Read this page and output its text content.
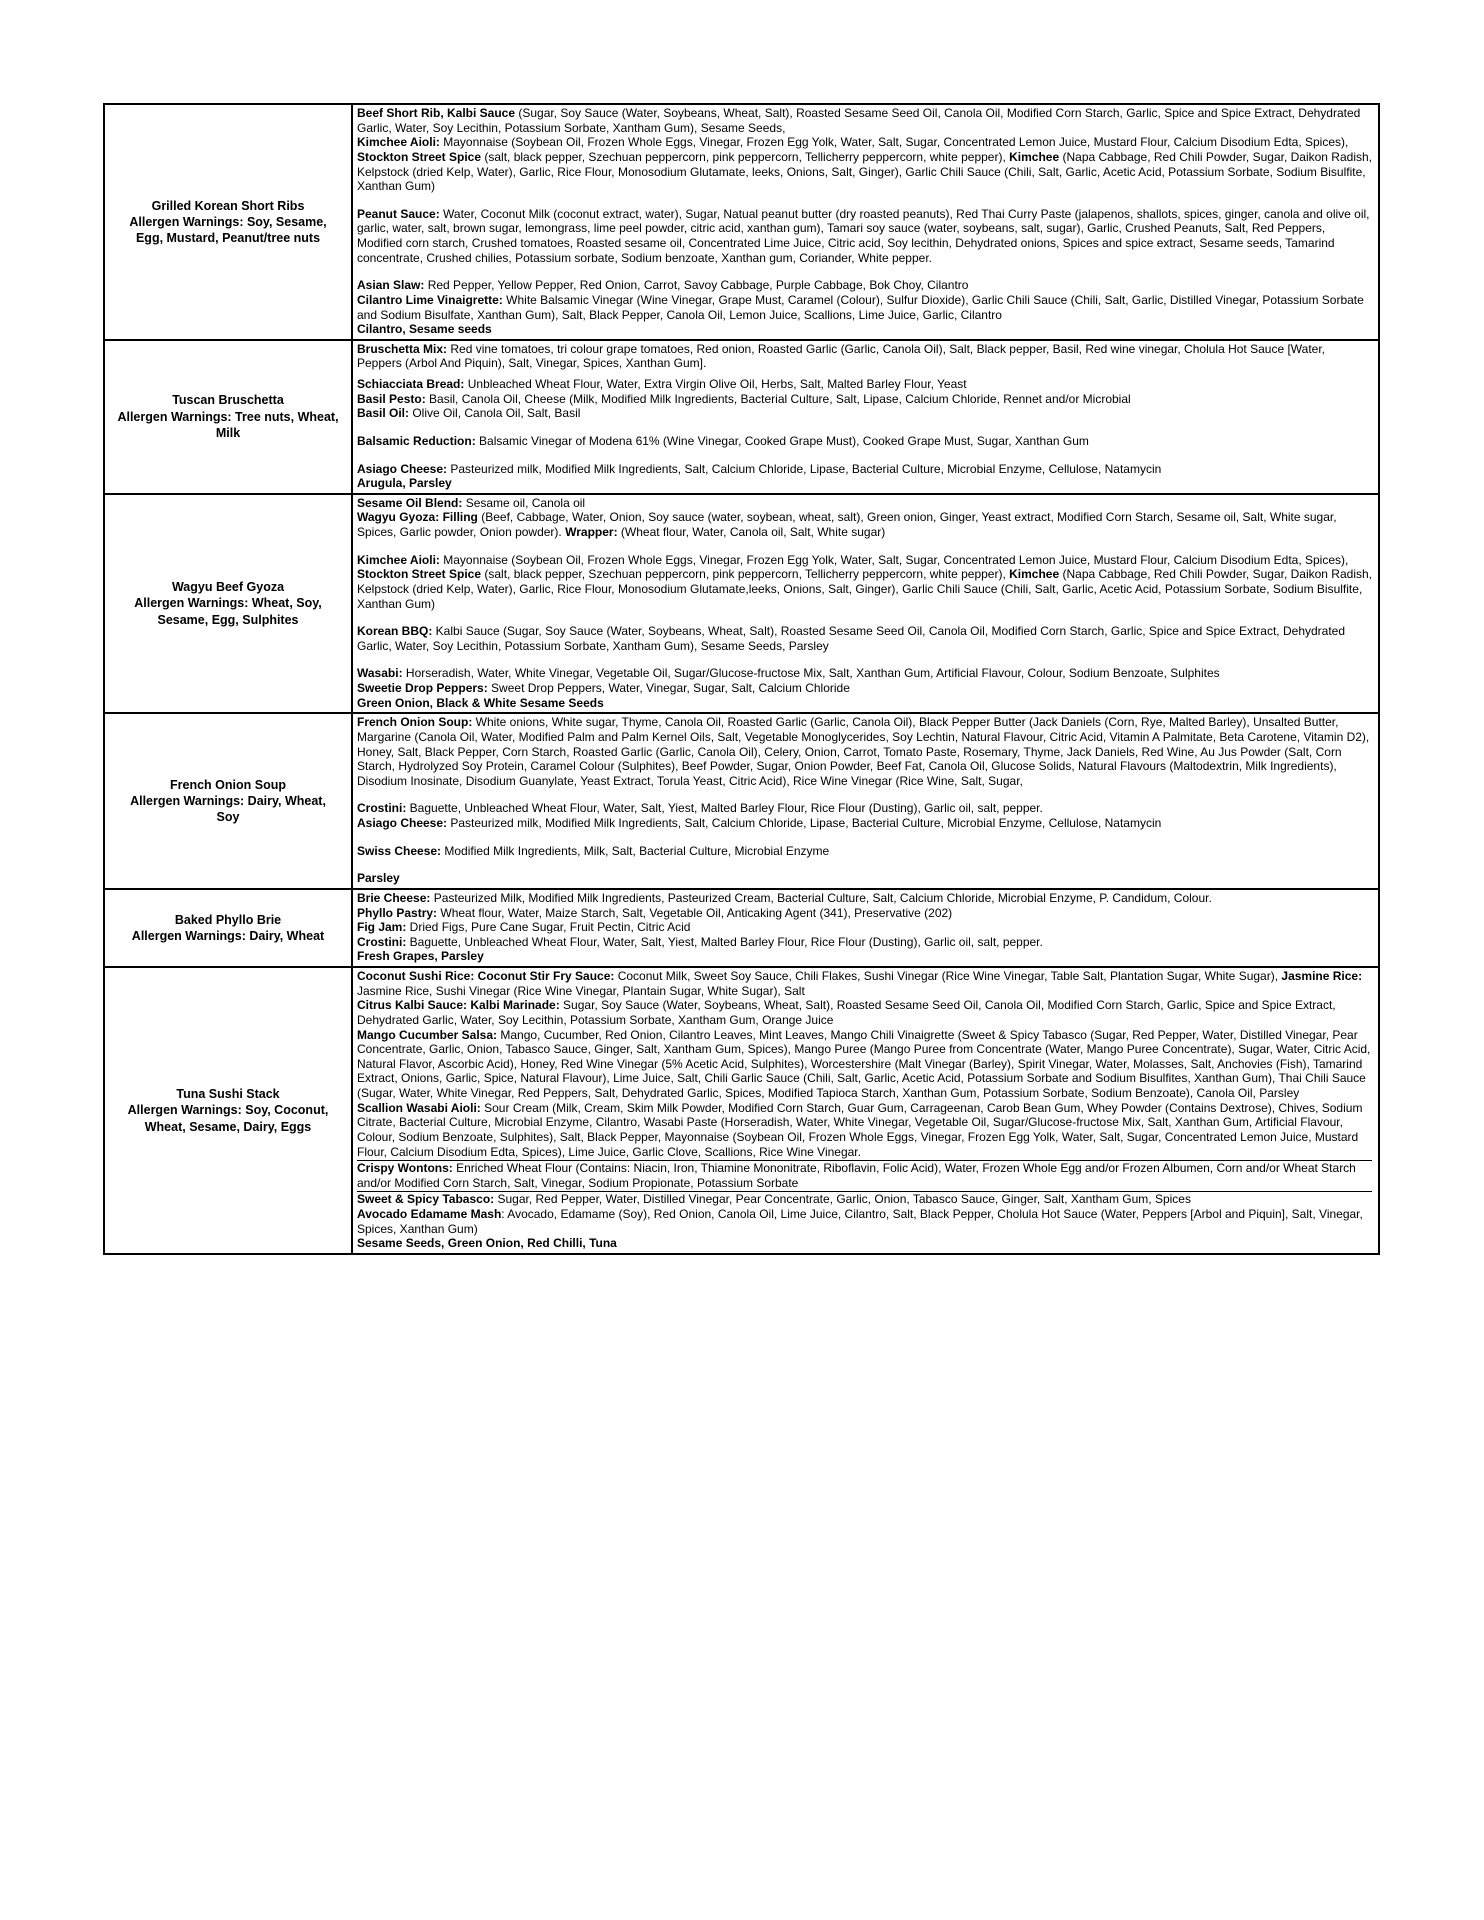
Grilled Korean Short Ribs
Allergen Warnings: Soy, Sesame, Egg, Mustard, Peanut/tree nuts

Beef Short Rib, Kalbi Sauce (Sugar, Soy Sauce (Water, Soybeans, Wheat, Salt), Roasted Sesame Seed Oil, Canola Oil, Modified Corn Starch, Garlic, Spice and Spice Extract, Dehydrated Garlic, Water, Soy Lecithin, Potassium Sorbate, Xantham Gum), Sesame Seeds,

Kimchee Aioli: Mayonnaise (Soybean Oil, Frozen Whole Eggs, Vinegar, Frozen Egg Yolk, Water, Salt, Sugar, Concentrated Lemon Juice, Mustard Flour, Calcium Disodium Edta, Spices), Stockton Street Spice (salt, black pepper, Szechuan peppercorn, pink peppercorn, Tellicherry peppercorn, white pepper), Kimchee (Napa Cabbage, Red Chili Powder, Sugar, Daikon Radish, Kelpstock (dried Kelp, Water), Garlic, Rice Flour, Monosodium Glutamate, leeks, Onions, Salt, Ginger), Garlic Chili Sauce (Chili, Salt, Garlic, Acetic Acid, Potassium Sorbate, Sodium Bisulfite, Xanthan Gum)

Peanut Sauce: Water, Coconut Milk (coconut extract, water), Sugar, Natual peanut butter (dry roasted peanuts), Red Thai Curry Paste (jalapenos, shallots, spices, ginger, canola and olive oil, garlic, water, salt, brown sugar, lemongrass, lime peel powder, citric acid, xanthan gum), Tamari soy sauce (water, soybeans, salt, sugar), Garlic, Crushed Peanuts, Salt, Red Peppers, Modified corn starch, Crushed tomatoes, Roasted sesame oil, Concentrated Lime Juice, Citric acid, Soy lecithin, Dehydrated onions, Spices and spice extract, Sesame seeds, Tamarind concentrate, Crushed chilies, Potassium sorbate, Sodium benzoate, Xanthan gum, Coriander, White pepper.

Asian Slaw: Red Pepper, Yellow Pepper, Red Onion, Carrot, Savoy Cabbage, Purple Cabbage, Bok Choy, Cilantro

Cilantro Lime Vinaigrette: White Balsamic Vinegar (Wine Vinegar, Grape Must, Caramel (Colour), Sulfur Dioxide), Garlic Chili Sauce (Chili, Salt, Garlic, Distilled Vinegar, Potassium Sorbate and Sodium Bisulfate, Xanthan Gum), Salt, Black Pepper, Canola Oil, Lemon Juice, Scallions, Lime Juice, Garlic, Cilantro

Cilantro, Sesame seeds

Tuscan Bruschetta
Allergen Warnings: Tree nuts, Wheat, Milk

Bruschetta Mix: Red vine tomatoes, tri colour grape tomatoes, Red onion, Roasted Garlic (Garlic, Canola Oil), Salt, Black pepper, Basil, Red wine vinegar, Cholula Hot Sauce [Water, Peppers (Arbol And Piquin), Salt, Vinegar, Spices, Xanthan Gum].

Schiacciata Bread: Unbleached Wheat Flour, Water, Extra Virgin Olive Oil, Herbs, Salt, Malted Barley Flour, Yeast

Basil Pesto: Basil, Canola Oil, Cheese (Milk, Modified Milk Ingredients, Bacterial Culture, Salt, Lipase, Calcium Chloride, Rennet and/or Microbial

Basil Oil: Olive Oil, Canola Oil, Salt, Basil

Balsamic Reduction: Balsamic Vinegar of Modena 61% (Wine Vinegar, Cooked Grape Must), Cooked Grape Must, Sugar, Xanthan Gum

Asiago Cheese: Pasteurized milk, Modified Milk Ingredients, Salt, Calcium Chloride, Lipase, Bacterial Culture, Microbial Enzyme, Cellulose, Natamycin

Arugula, Parsley

Wagyu Beef Gyoza
Allergen Warnings: Wheat, Soy, Sesame, Egg, Sulphites

Sesame Oil Blend: Sesame oil, Canola oil

Wagyu Gyoza: Filling (Beef, Cabbage, Water, Onion, Soy sauce (water, soybean, wheat, salt), Green onion, Ginger, Yeast extract, Modified Corn Starch, Sesame oil, Salt, White sugar, Spices, Garlic powder, Onion powder). Wrapper: (Wheat flour, Water, Canola oil, Salt, White sugar)

Kimchee Aioli: Mayonnaise (Soybean Oil, Frozen Whole Eggs, Vinegar, Frozen Egg Yolk, Water, Salt, Sugar, Concentrated Lemon Juice, Mustard Flour, Calcium Disodium Edta, Spices), Stockton Street Spice (salt, black pepper, Szechuan peppercorn, pink peppercorn, Tellicherry peppercorn, white pepper), Kimchee (Napa Cabbage, Red Chili Powder, Sugar, Daikon Radish, Kelpstock (dried Kelp, Water), Garlic, Rice Flour, Monosodium Glutamate,leeks, Onions, Salt, Ginger), Garlic Chili Sauce (Chili, Salt, Garlic, Acetic Acid, Potassium Sorbate, Sodium Bisulfite, Xanthan Gum)

Korean BBQ: Kalbi Sauce (Sugar, Soy Sauce (Water, Soybeans, Wheat, Salt), Roasted Sesame Seed Oil, Canola Oil, Modified Corn Starch, Garlic, Spice and Spice Extract, Dehydrated Garlic, Water, Soy Lecithin, Potassium Sorbate, Xantham Gum), Sesame Seeds, Parsley

Wasabi: Horseradish, Water, White Vinegar, Vegetable Oil, Sugar/Glucose-fructose Mix, Salt, Xanthan Gum, Artificial Flavour, Colour, Sodium Benzoate, Sulphites

Sweetie Drop Peppers: Sweet Drop Peppers, Water, Vinegar, Sugar, Salt, Calcium Chloride

Green Onion, Black & White Sesame Seeds

French Onion Soup
Allergen Warnings: Dairy, Wheat, Soy

French Onion Soup: White onions, White sugar, Thyme, Canola Oil, Roasted Garlic (Garlic, Canola Oil), Black Pepper Butter (Jack Daniels (Corn, Rye, Malted Barley), Unsalted Butter, Margarine (Canola Oil, Water, Modified Palm and Palm Kernel Oils, Salt, Vegetable Monoglycerides, Soy Lechtin, Natural Flavour, Citric Acid, Vitamin A Palmitate, Beta Carotene, Vitamin D2), Honey, Salt, Black Pepper, Corn Starch, Roasted Garlic (Garlic, Canola Oil), Celery, Onion, Carrot, Tomato Paste, Rosemary, Thyme, Jack Daniels, Red Wine, Au Jus Powder (Salt, Corn Starch, Hydrolyzed Soy Protein, Caramel Colour (Sulphites), Beef Powder, Sugar, Onion Powder, Beef Fat, Canola Oil, Glucose Solids, Natural Flavours (Maltodextrin, Milk Ingredients), Disodium Inosinate, Disodium Guanylate, Yeast Extract, Torula Yeast, Citric Acid), Rice Wine Vinegar (Rice Wine, Salt, Sugar,

Crostini: Baguette, Unbleached Wheat Flour, Water, Salt, Yiest, Malted Barley Flour, Rice Flour (Dusting), Garlic oil, salt, pepper.

Asiago Cheese: Pasteurized milk, Modified Milk Ingredients, Salt, Calcium Chloride, Lipase, Bacterial Culture, Microbial Enzyme, Cellulose, Natamycin

Swiss Cheese: Modified Milk Ingredients, Milk, Salt, Bacterial Culture, Microbial Enzyme

Parsley

Baked Phyllo Brie
Allergen Warnings: Dairy, Wheat

Brie Cheese: Pasteurized Milk, Modified Milk Ingredients, Pasteurized Cream, Bacterial Culture, Salt, Calcium Chloride, Microbial Enzyme, P. Candidum, Colour.

Phyllo Pastry: Wheat flour, Water, Maize Starch, Salt, Vegetable Oil, Anticaking Agent (341), Preservative (202)

Fig Jam: Dried Figs, Pure Cane Sugar, Fruit Pectin, Citric Acid

Crostini: Baguette, Unbleached Wheat Flour, Water, Salt, Yiest, Malted Barley Flour, Rice Flour (Dusting), Garlic oil, salt, pepper.

Fresh Grapes, Parsley

Tuna Sushi Stack
Allergen Warnings: Soy, Coconut, Wheat, Sesame, Dairy, Eggs

Coconut Sushi Rice: Coconut Stir Fry Sauce: Coconut Milk, Sweet Soy Sauce, Chili Flakes, Sushi Vinegar (Rice Wine Vinegar, Table Salt, Plantation Sugar, White Sugar), Jasmine Rice: Jasmine Rice, Sushi Vinegar (Rice Wine Vinegar, Plantain Sugar, White Sugar), Salt

Citrus Kalbi Sauce: Kalbi Marinade: Sugar, Soy Sauce (Water, Soybeans, Wheat, Salt), Roasted Sesame Seed Oil, Canola Oil, Modified Corn Starch, Garlic, Spice and Spice Extract, Dehydrated Garlic, Water, Soy Lecithin, Potassium Sorbate, Xantham Gum, Orange Juice

Mango Cucumber Salsa: Mango, Cucumber, Red Onion, Cilantro Leaves, Mint Leaves, Mango Chili Vinaigrette (Sweet & Spicy Tabasco (Sugar, Red Pepper, Water, Distilled Vinegar, Pear Concentrate, Garlic, Onion, Tabasco Sauce, Ginger, Salt, Xantham Gum, Spices), Mango Puree (Mango Puree from Concentrate (Water, Mango Puree Concentrate), Sugar, Water, Citric Acid, Natural Flavor, Ascorbic Acid), Honey, Red Wine Vinegar (5% Acetic Acid, Sulphites), Worcestershire (Malt Vinegar (Barley), Spirit Vinegar, Water, Molasses, Salt, Anchovies (Fish), Tamarind Extract, Onions, Garlic, Spice, Natural Flavour), Lime Juice, Salt, Chili Garlic Sauce (Chili, Salt, Garlic, Acetic Acid, Potassium Sorbate and Sodium Bisulfites, Xanthan Gum), Thai Chili Sauce (Sugar, Water, White Vinegar, Red Peppers, Salt, Dehydrated Garlic, Spices, Modified Tapioca Starch, Xanthan Gum, Potassium Sorbate, Sodium Benzoate), Canola Oil, Parsley

Scallion Wasabi Aioli: Sour Cream (Milk, Cream, Skim Milk Powder, Modified Corn Starch, Guar Gum, Carrageenan, Carob Bean Gum, Whey Powder (Contains Dextrose), Chives, Sodium Citrate, Bacterial Culture, Microbial Enzyme, Cilantro, Wasabi Paste (Horseradish, Water, White Vinegar, Vegetable Oil, Sugar/Glucose-fructose Mix, Salt, Xanthan Gum, Artificial Flavour, Colour, Sodium Benzoate, Sulphites), Salt, Black Pepper, Mayonnaise (Soybean Oil, Frozen Whole Eggs, Vinegar, Frozen Egg Yolk, Water, Salt, Sugar, Concentrated Lemon Juice, Mustard Flour, Calcium Disodium Edta, Spices), Lime Juice, Garlic Clove, Scallions, Rice Wine Vinegar.

Crispy Wontons: Enriched Wheat Flour (Contains: Niacin, Iron, Thiamine Mononitrate, Riboflavin, Folic Acid), Water, Frozen Whole Egg and/or Frozen Albumen, Corn and/or Wheat Starch and/or Modified Corn Starch, Salt, Vinegar, Sodium Propionate, Potassium Sorbate

Sweet & Spicy Tabasco: Sugar, Red Pepper, Water, Distilled Vinegar, Pear Concentrate, Garlic, Onion, Tabasco Sauce, Ginger, Salt, Xantham Gum, Spices

Avocado Edamame Mash: Avocado, Edamame (Soy), Red Onion, Canola Oil, Lime Juice, Cilantro, Salt, Black Pepper, Cholula Hot Sauce (Water, Peppers [Arbol and Piquin], Salt, Vinegar, Spices, Xanthan Gum)

Sesame Seeds, Green Onion, Red Chilli, Tuna
